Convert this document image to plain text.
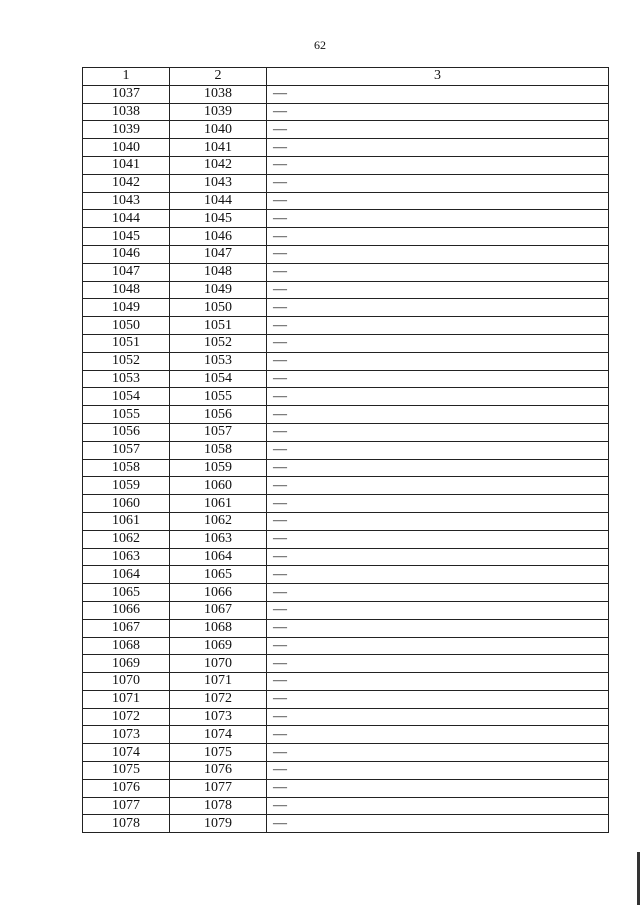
62
1	2	3
1037	1038	—
1038	1039	—
1039	1040	—
1040	1041	—
1041	1042	—
1042	1043	—
1043	1044	—
1044	1045	—
1045	1046	—
1046	1047	—
1047	1048	—
1048	1049	—
1049	1050	—
1050	1051	—
1051	1052	—
1052	1053	—
1053	1054	—
1054	1055	—
1055	1056	—
1056	1057	—
1057	1058	—
1058	1059	—
1059	1060	—
1060	1061	—
1061	1062	—
1062	1063	—
1063	1064	—
1064	1065	—
1065	1066	—
1066	1067	—
1067	1068	—
1068	1069	—
1069	1070	—
1070	1071	—
1071	1072	—
1072	1073	—
1073	1074	—
1074	1075	—
1075	1076	—
1076	1077	—
1077	1078	—
1078	1079	—
